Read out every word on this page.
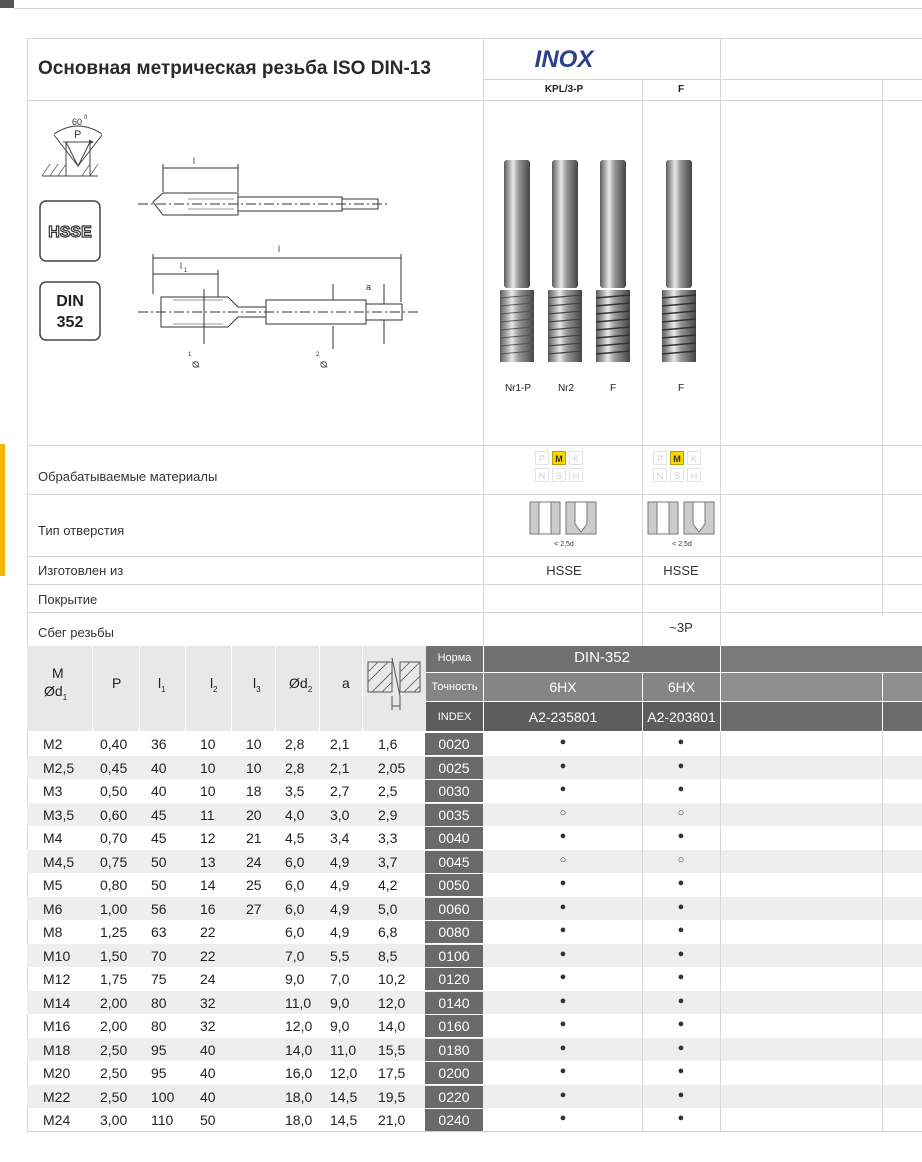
Основная метрическая резьба ISO DIN-13	INOX
KPL/3-P	F
60 0
P
HSSE
DIN
352
l
l
l 1
Ø
1
Ø
2
a
Nr1-P	Nr2	F	F
Обрабатываемые материалы
P	M	K
N	S	H
P	M	K
N	S	H
Тип отверстия
< 2,5d	< 2,5d
Изготовлен из	HSSE	HSSE
Покрытие
Сбег резьбы	~3P
M
$Ød_1$
P	$l_1$	$l_2$	$l_3$ $Ød_2$ a
Норма
Точность
INDEX
DIN-352
6HX	6HX
A2-235801	A2-203801
M2	0,40 36 10 10 2,8 2,1 1,6	0020	●	●
M2,5 0,45 40 10 10 2,8 2,1 2,05	0025	●	●
M3	0,50 40 10 18 3,5 2,7 2,5	0030	●	●
M3,5 0,60 45 11 20 4,0 3,0 2,9	0035	○	○
M4	0,70 45 12 21 4,5 3,4 3,3	0040	●	●
M4,5 0,75 50 13 24 6,0 4,9 3,7	0045	○	○
M5	0,80 50 14 25 6,0 4,9 4,2	0050	●	●
M6	1,00 56 16 27 6,0 4,9 5,0	0060	●	●
M8	1,25 63 22	6,0 4,9 6,8	0080	●	●
M10 1,50 70 22	7,0 5,5 8,5	0100	●	●
M12 1,75 75 24	9,0 7,0 10,2	0120	●	●
M14 2,00 80 32	11,0 9,0 12,0	0140	●	●
M16 2,00 80 32	12,0 9,0 14,0	0160	●	●
M18 2,50 95 40	14,0 11,0 15,5	0180	●	●
M20 2,50 95 40	16,0 12,0 17,5	0200	●	●
M22 2,50 100 40	18,0 14,5 19,5	0220	●	●
M24 3,00 110 50	18,0 14,5 21,0	0240	●	●
